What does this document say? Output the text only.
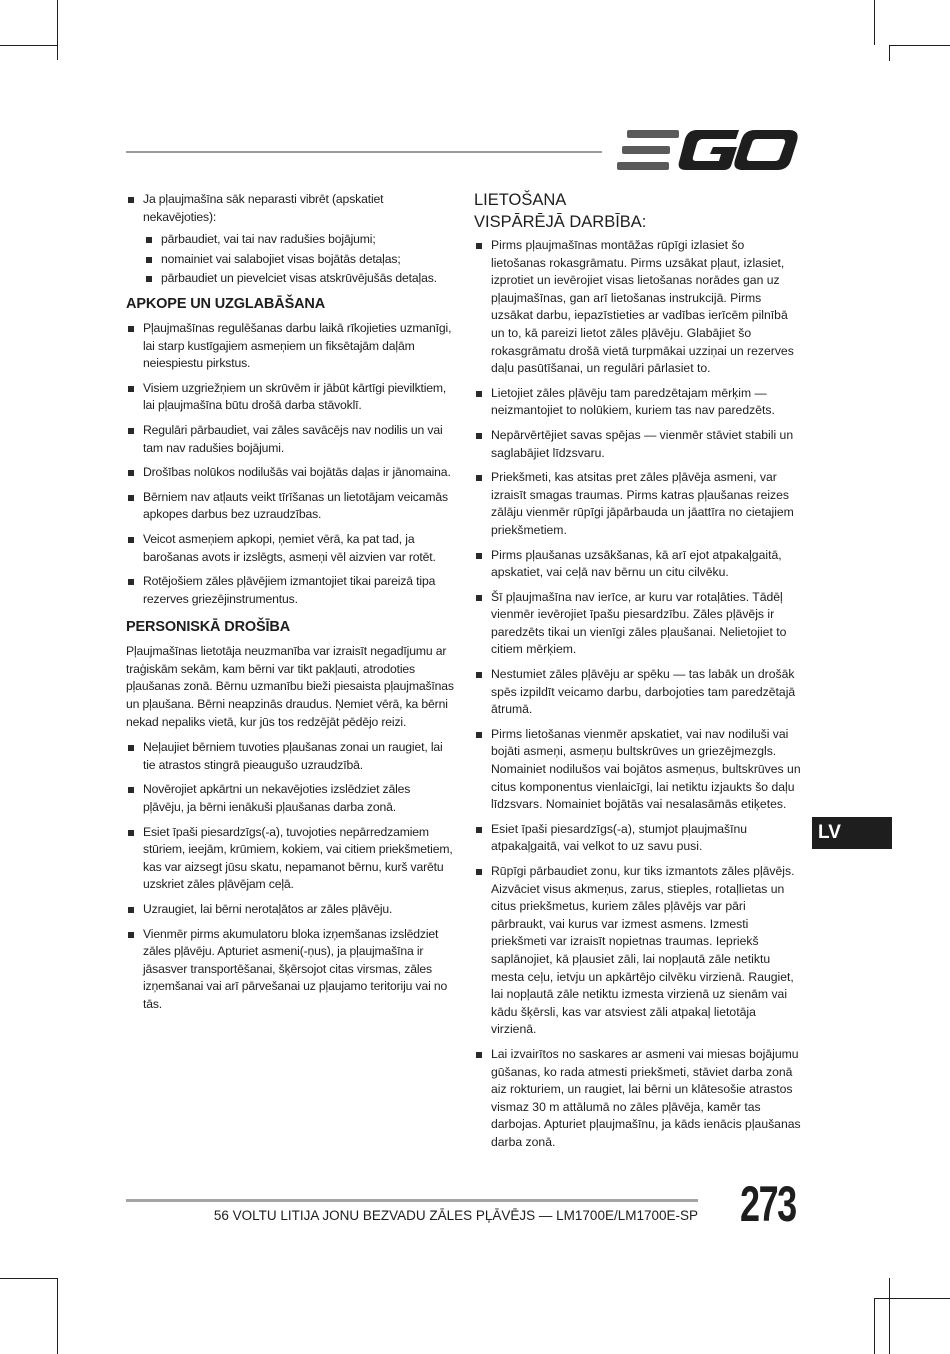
Ja pļaujmašīna sāk neparasti vibrēt (apskatiet nekavējoties):
pārbaudiet, vai tai nav radušies bojājumi;
nomainiet vai salabojiet visas bojātās detaļas;
pārbaudiet un pievelciet visas atskrūvējušās detaļas.
APKOPE UN UZGLABĀŠANA
Pļaujmašīnas regulēšanas darbu laikā rīkojieties uzmanīgi, lai starp kustīgajiem asmeņiem un fiksētajām daļām neiespiestu pirkstus.
Visiem uzgriežņiem un skrūvēm ir jābūt kārtīgi pievilktiem, lai pļaujmašīna būtu drošā darba stāvoklī.
Regulāri pārbaudiet, vai zāles savācējs nav nodilis un vai tam nav radušies bojājumi.
Drošības nolūkos nodilušās vai bojātās daļas ir jānomaina.
Bērniem nav atļauts veikt tīrīšanas un lietotājam veicamās apkopes darbus bez uzraudzības.
Veicot asmeņiem apkopi, ņemiet vērā, ka pat tad, ja barošanas avots ir izslēgts, asmeņi vēl aizvien var rotēt.
Rotējošiem zāles pļāvējiem izmantojiet tikai pareizā tipa rezerves griezējinstrumentus.
PERSONISKĀ DROŠĪBA

Pļaujmašīnas lietotāja neuzmanība var izraisīt negadījumu ar traģiskām sekām, kam bērni var tikt pakļauti, atrodoties pļaušanas zonā. Bērnu uzmanību bieži piesaista pļaujmašīnas un pļaušana. Bērni neapzinās draudus. Ņemiet vērā, ka bērni nekad nepaliks vietā, kur jūs tos redzējāt pēdējo reizi.

Neļaujiet bērniem tuvoties pļaušanas zonai un raugiet, lai tie atrastos stingrā pieaugušo uzraudzībā.
Novērojiet apkārtni un nekavējoties izslēdziet zāles pļāvēju, ja bērni ienākuši pļaušanas darba zonā.
Esiet īpaši piesardzīgs(-a), tuvojoties nepārredzamiem stūriem, ieejām, krūmiem, kokiem, vai citiem priekšmetiem, kas var aizsegt jūsu skatu, nepamanot bērnu, kurš varētu uzskriet zāles pļāvējam ceļā.
Uzraugiet, lai bērni nerotaļātos ar zāles pļāvēju.
Vienmēr pirms akumulatoru bloka izņemšanas izslēdziet zāles pļāvēju. Apturiet asmeni(-ņus), ja pļaujmašīna ir jāsasver transportēšanai, šķērsojot citas virsmas, zāles izņemšanai vai arī pārvešanai uz pļaujamo teritoriju vai no tās.
LIETOŠANA
VISPĀRĒJĀ DARBĪBA:
Pirms pļaujmašīnas montāžas rūpīgi izlasiet šo lietošanas rokasgrāmatu. Pirms uzsākat pļaut, izlasiet, izprotiet un ievērojiet visas lietošanas norādes gan uz pļaujmašīnas, gan arī lietošanas instrukcijā. Pirms uzsākat darbu, iepazīstieties ar vadības ierīcēm pilnībā un to, kā pareizi lietot zāles pļāvēju. Glabājiet šo rokasgrāmatu drošā vietā turpmākai uzziņai un rezerves daļu pasūtīšanai, un regulāri pārlasiet to.
Lietojiet zāles pļāvēju tam paredzētajam mērķim — neizmantojiet to nolūkiem, kuriem tas nav paredzēts.
Nepārvērtējiet savas spējas — vienmēr stāviet stabili un saglabājiet līdzsvaru.
Priekšmeti, kas atsitas pret zāles pļāvēja asmeni, var izraisīt smagas traumas. Pirms katras pļaušanas reizes zālāju vienmēr rūpīgi jāpārbauda un jāattīra no cietajiem priekšmetiem.
Pirms pļaušanas uzsākšanas, kā arī ejot atpakaļgaitā, apskatiet, vai ceļā nav bērnu un citu cilvēku.
Šī pļaujmašīna nav ierīce, ar kuru var rotaļāties. Tādēļ vienmēr ievērojiet īpašu piesardzību. Zāles pļāvējs ir paredzēts tikai un vienīgi zāles pļaušanai. Nelietojiet to citiem mērķiem.
Nestumiet zāles pļāvēju ar spēku — tas labāk un drošāk spēs izpildīt veicamo darbu, darbojoties tam paredzētajā ātrumā.
Pirms lietošanas vienmēr apskatiet, vai nav nodiluši vai bojāti asmeņi, asmeņu bultskrūves un griezējmezgls. Nomainiet nodilušos vai bojātos asmeņus, bultskrūves un citus komponentus vienlaicīgi, lai netiktu izjaukts šo daļu līdzsvars. Nomainiet bojātās vai nesalasāmās etiķetes.
Esiet īpaši piesardzīgs(-a), stumjot pļaujmašīnu atpakaļgaitā, vai velkot to uz savu pusi.
Rūpīgi pārbaudiet zonu, kur tiks izmantots zāles pļāvējs. Aizvāciet visus akmeņus, zarus, stieples, rotaļlietas un citus priekšmetus, kuriem zāles pļāvējs var pāri pārbraukt, vai kurus var izmest asmens. Izmesti priekšmeti var izraisīt nopietnas traumas. Iepriekš saplānojiet, kā pļausiet zāli, lai nopļautā zāle netiktu mesta ceļu, ietvju un apkārtējo cilvēku virzienā. Raugiet, lai nopļautā zāle netiktu izmesta virzienā uz sienām vai kādu šķērsli, kas var atsviest zāli atpakaļ lietotāja virzienā.
Lai izvairītos no saskares ar asmeni vai miesas bojājumu gūšanas, ko rada atmesti priekšmeti, stāviet darba zonā aiz rokturiem, un raugiet, lai bērni un klātesošie atrastos vismaz 30 m attālumā no zāles pļāvēja, kamēr tas darbojas. Apturiet pļaujmašīnu, ja kāds ienācis pļaušanas darba zonā.
LV
56 VOLTU LITIJA JONU BEZVADU ZĀLES PĻĀVĒJS — LM1700E/LM1700E-SP 273
